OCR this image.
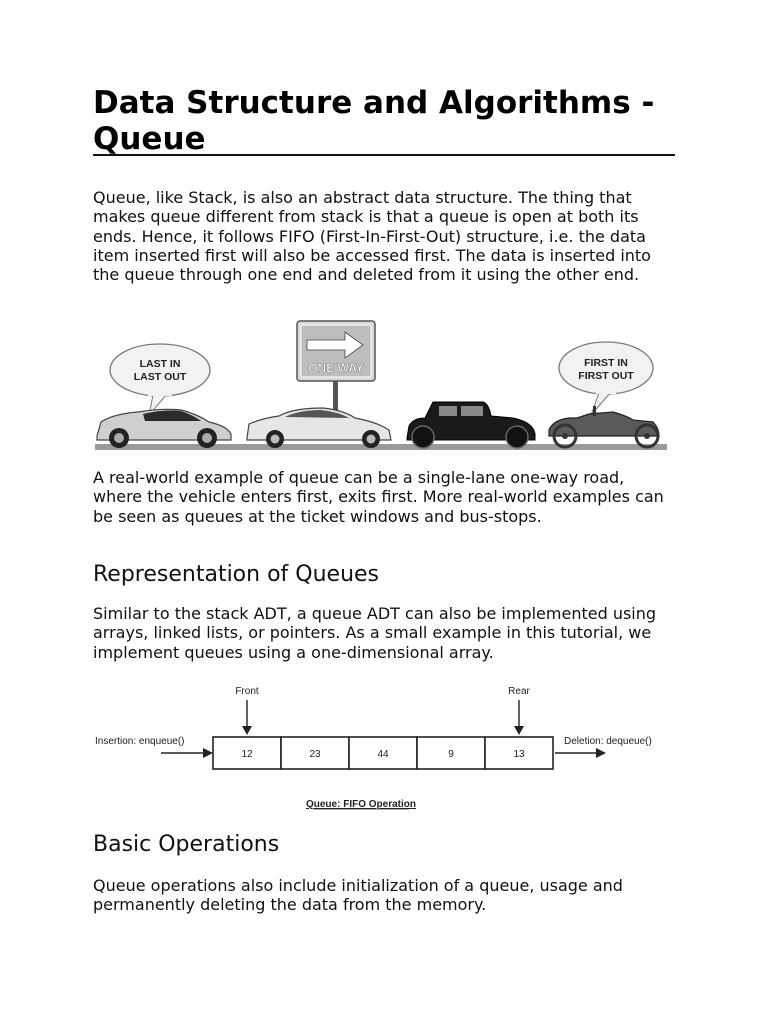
Data Structure and Algorithms - Queue

Queue, like Stack, is also an abstract data structure. The thing that makes queue different from stack is that a queue is open at both its ends. Hence, it follows FIFO (First-In-First-Out) structure, i.e. the data item inserted first will also be accessed first. The data is inserted into the queue through one end and deleted from it using the other end.

LAST IN
LAST OUT
ONE WAY	FIRST IN
FIRST OUT

A real-world example of queue can be a single-lane one-way road, where the vehicle enters first, exits first. More real-world examples can be seen as queues at the ticket windows and bus-stops.

Representation of Queues

Similar to the stack ADT, a queue ADT can also be implemented using arrays, linked lists, or pointers. As a small example in this tutorial, we implement queues using a one-dimensional array.

Front	Rear
Insertion: enqueue()	Deletion: dequeue()
12	23	44	9	13
Queue: FIFO Operation
Basic Operations

Queue operations also include initialization of a queue, usage and permanently deleting the data from the memory.
